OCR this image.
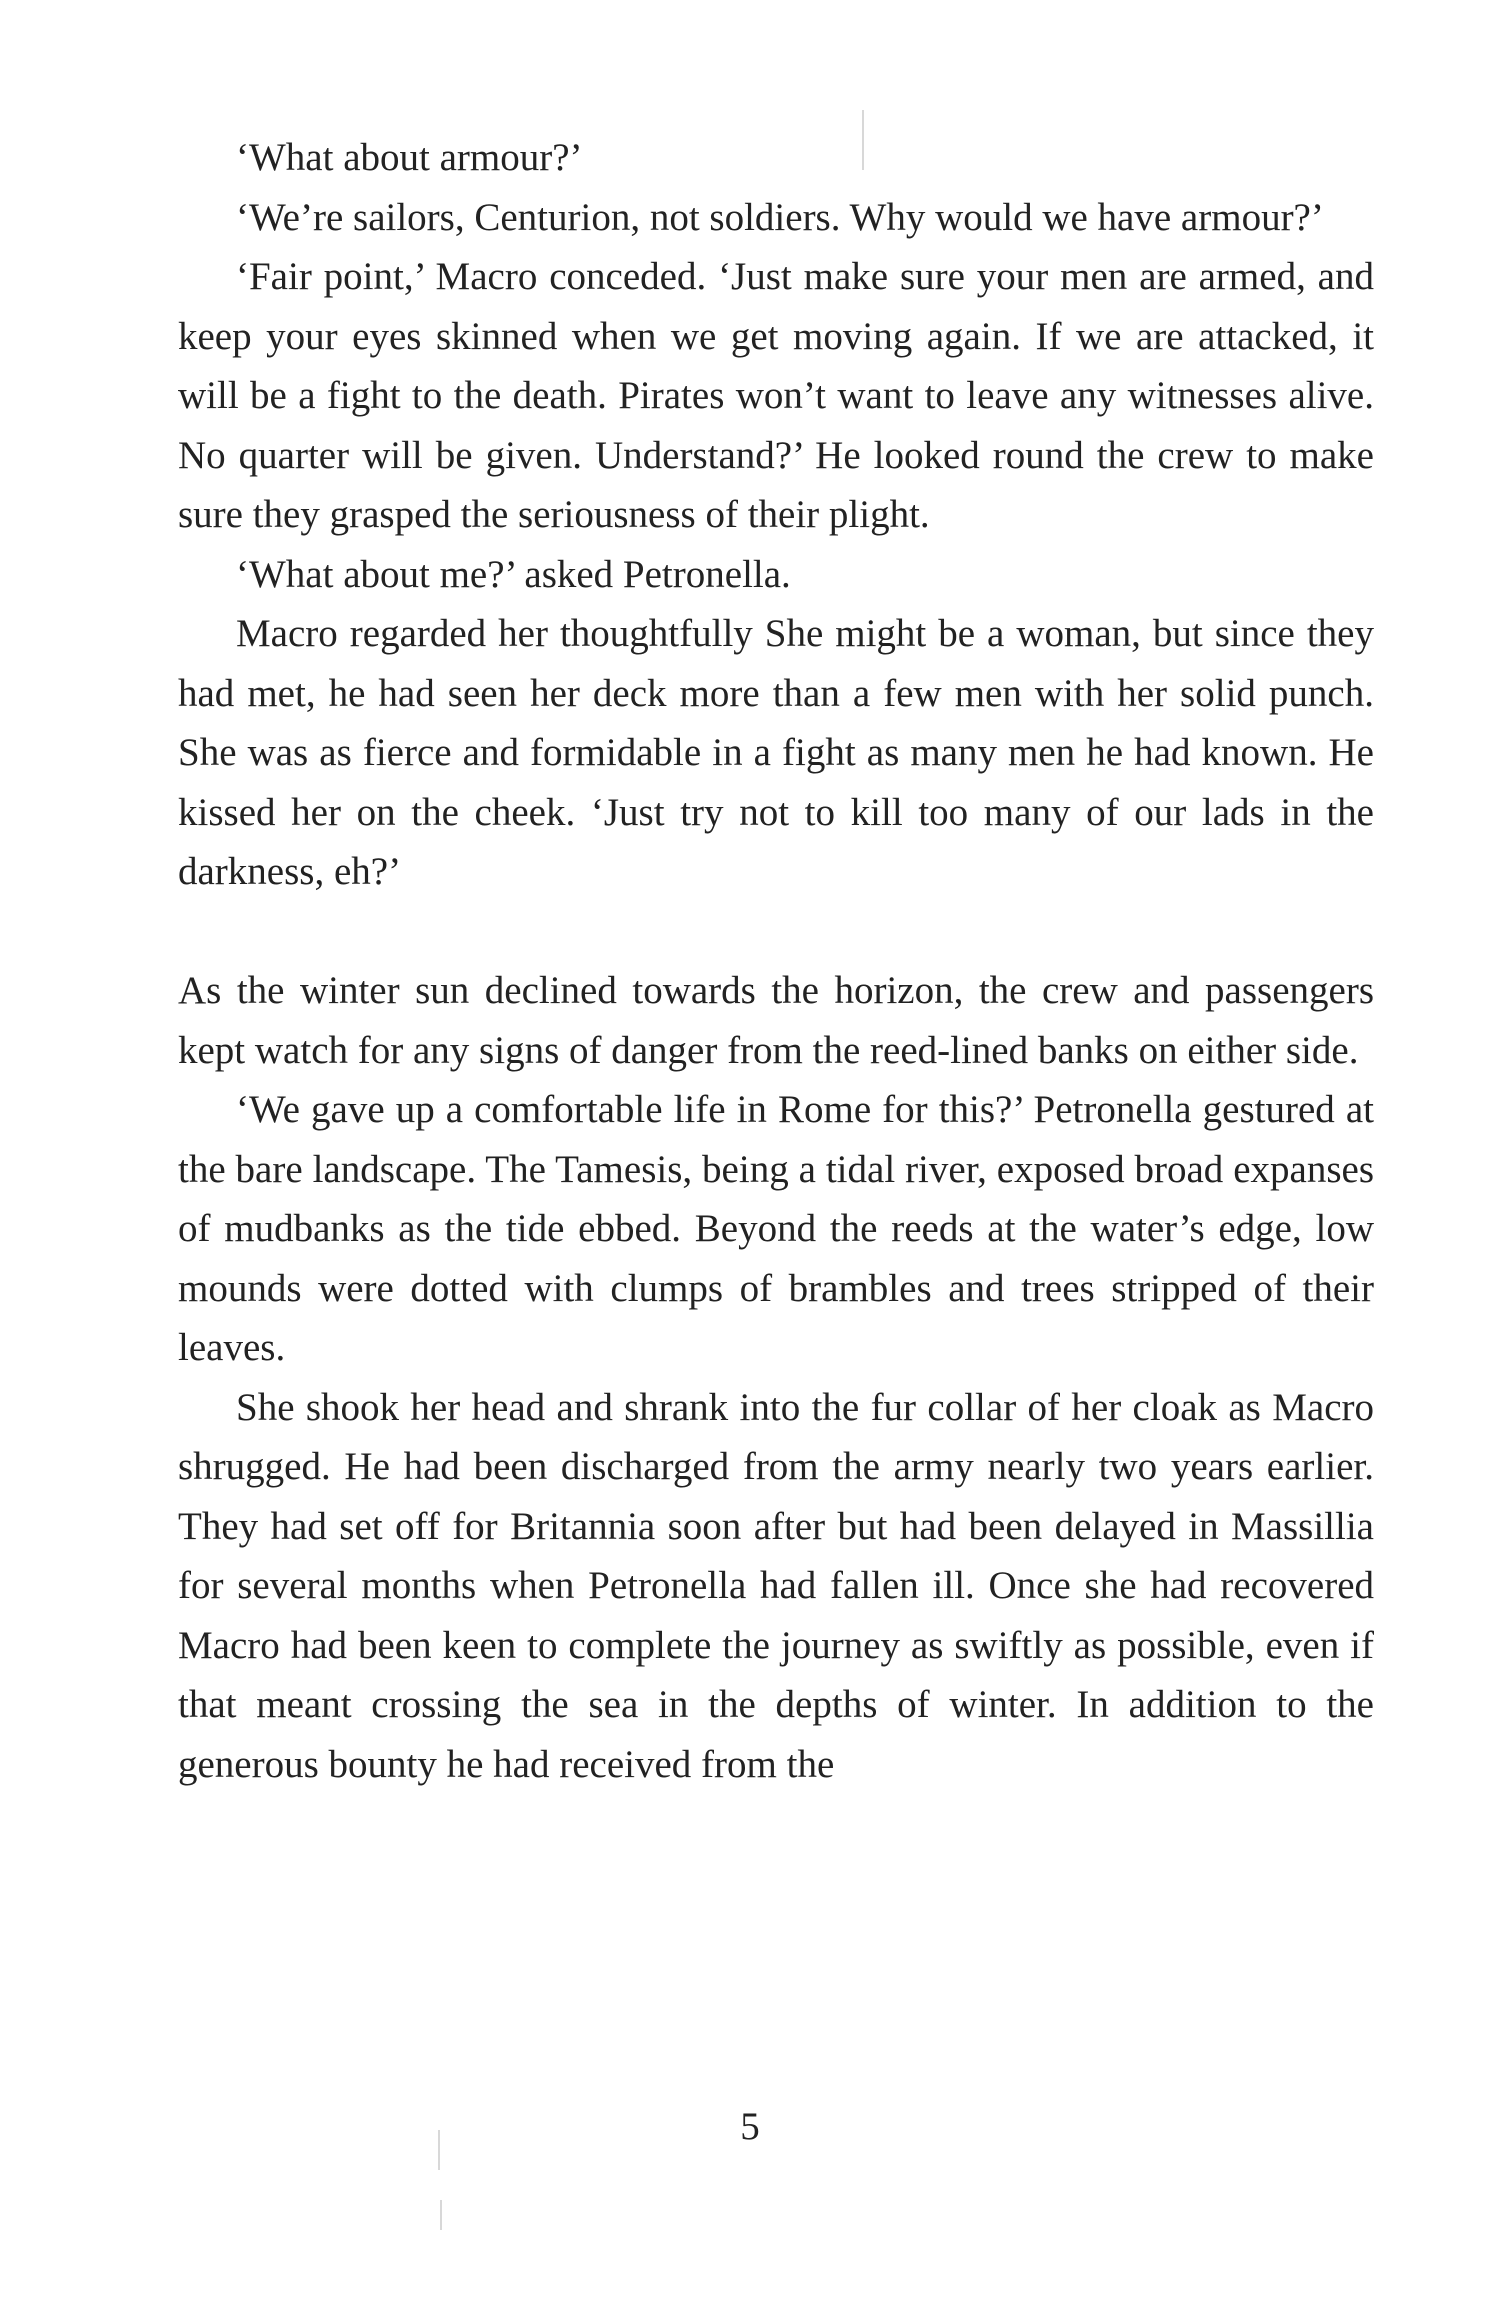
‘What about armour?’

‘We’re sailors, Centurion, not soldiers. Why would we have armour?’

‘Fair point,’ Macro conceded. ‘Just make sure your men are armed, and keep your eyes skinned when we get moving again. If we are attacked, it will be a fight to the death. Pirates won’t want to leave any witnesses alive. No quarter will be given. Understand?’ He looked round the crew to make sure they grasped the seriousness of their plight.

‘What about me?’ asked Petronella.

Macro regarded her thoughtfully She might be a woman, but since they had met, he had seen her deck more than a few men with her solid punch. She was as fierce and formidable in a fight as many men he had known. He kissed her on the cheek. ‘Just try not to kill too many of our lads in the darkness, eh?’

As the winter sun declined towards the horizon, the crew and passengers kept watch for any signs of danger from the reed-lined banks on either side.

‘We gave up a comfortable life in Rome for this?’ Petronella gestured at the bare landscape. The Tamesis, being a tidal river, exposed broad expanses of mudbanks as the tide ebbed. Beyond the reeds at the water’s edge, low mounds were dotted with clumps of brambles and trees stripped of their leaves.

She shook her head and shrank into the fur collar of her cloak as Macro shrugged. He had been discharged from the army nearly two years earlier. They had set off for Britannia soon after but had been delayed in Massillia for several months when Petronella had fallen ill. Once she had recovered Macro had been keen to complete the journey as swiftly as possible, even if that meant crossing the sea in the depths of winter. In addition to the generous bounty he had received from the

5
